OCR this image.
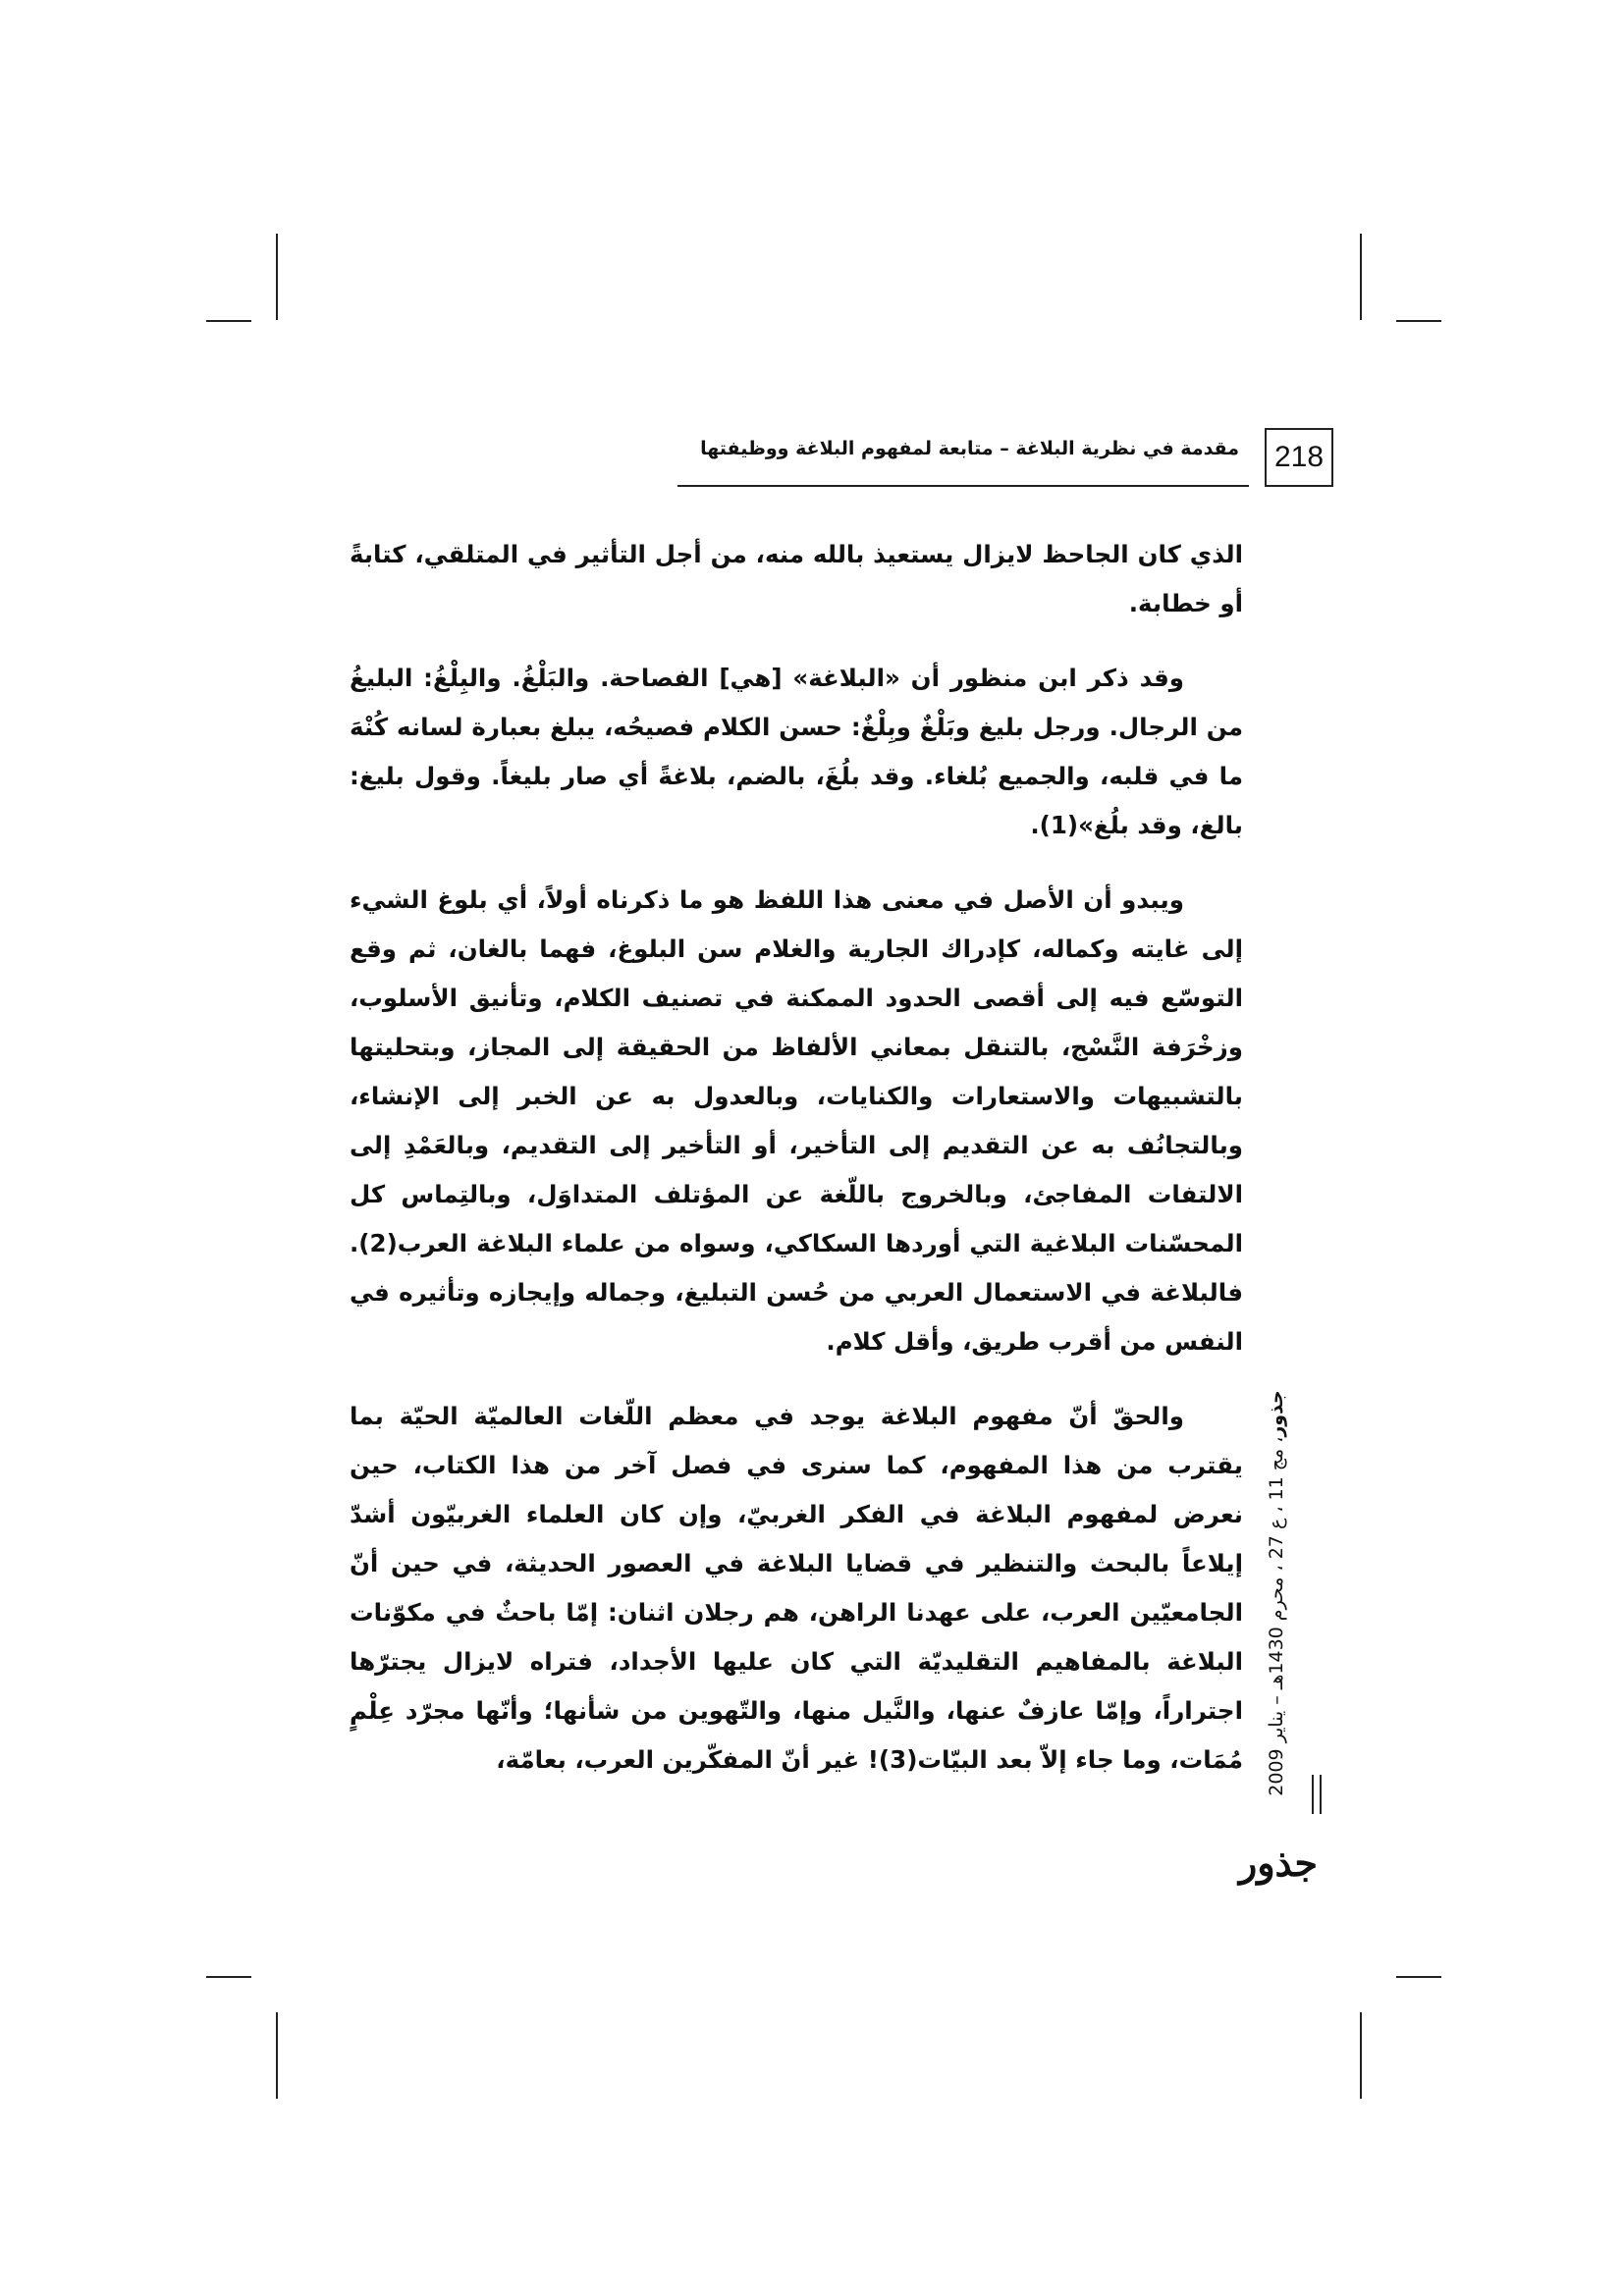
218
مقدمة في نظرية البلاغة – متابعة لمفهوم البلاغة ووظيفتها

الذي كان الجاحظ لايزال يستعيذ بالله منه، من أجل التأثير في المتلقي، كتابةً أو خطابة.

وقد ذكر ابن منظور أن «البلاغة» [هي] الفصاحة. والبَلْغُ. والبِلْغُ: البليغُ من الرجال. ورجل بليغ وبَلْغٌ وبِلْغٌ: حسن الكلام فصيحُه، يبلغ بعبارة لسانه كُنْهَ ما في قلبه، والجميع بُلغاء. وقد بلُغَ، بالضم، بلاغةً أي صار بليغاً. وقول بليغ: بالغ، وقد بلُغ»(1).

ويبدو أن الأصل في معنى هذا اللفظ هو ما ذكرناه أولاً، أي بلوغ الشيء إلى غايته وكماله، كإدراك الجارية والغلام سن البلوغ، فهما بالغان، ثم وقع التوسّع فيه إلى أقصى الحدود الممكنة في تصنيف الكلام، وتأنيق الأسلوب، وزخْرَفة النَّسْج، بالتنقل بمعاني الألفاظ من الحقيقة إلى المجاز، وبتحليتها بالتشبيهات والاستعارات والكنايات، وبالعدول به عن الخبر إلى الإنشاء، وبالتجانُف به عن التقديم إلى التأخير، أو التأخير إلى التقديم، وبالعَمْدِ إلى الالتفات المفاجئ، وبالخروج باللّغة عن المؤتلف المتداوَل، وبالتِماس كل المحسّنات البلاغية التي أوردها السكاكي، وسواه من علماء البلاغة العرب(2). فالبلاغة في الاستعمال العربي من حُسن التبليغ، وجماله وإيجازه وتأثيره في النفس من أقرب طريق، وأقل كلام.

والحقّ أنّ مفهوم البلاغة يوجد في معظم اللّغات العالميّة الحيّة بما يقترب من هذا المفهوم، كما سنرى في فصل آخر من هذا الكتاب، حين نعرض لمفهوم البلاغة في الفكر الغربيّ، وإن كان العلماء الغربيّون أشدّ إيلاعاً بالبحث والتنظير في قضايا البلاغة في العصور الحديثة، في حين أنّ الجامعيّين العرب، على عهدنا الراهن، هم رجلان اثنان: إمّا باحثٌ في مكوّنات البلاغة بالمفاهيم التقليديّة التي كان عليها الأجداد، فتراه لايزال يجترّها اجتراراً، وإمّا عازفٌ عنها، والنَّيل منها، والتّهوين من شأنها؛ وأنّها مجرّد عِلْمٍ مُمَات، وما جاء إلاّ بعد البيّات(3)! غير أنّ المفكّرين العرب، بعامّة،

جذور، مج 11 ، ع 27 ، محرم 1430هـ – يناير 2009
جذور
